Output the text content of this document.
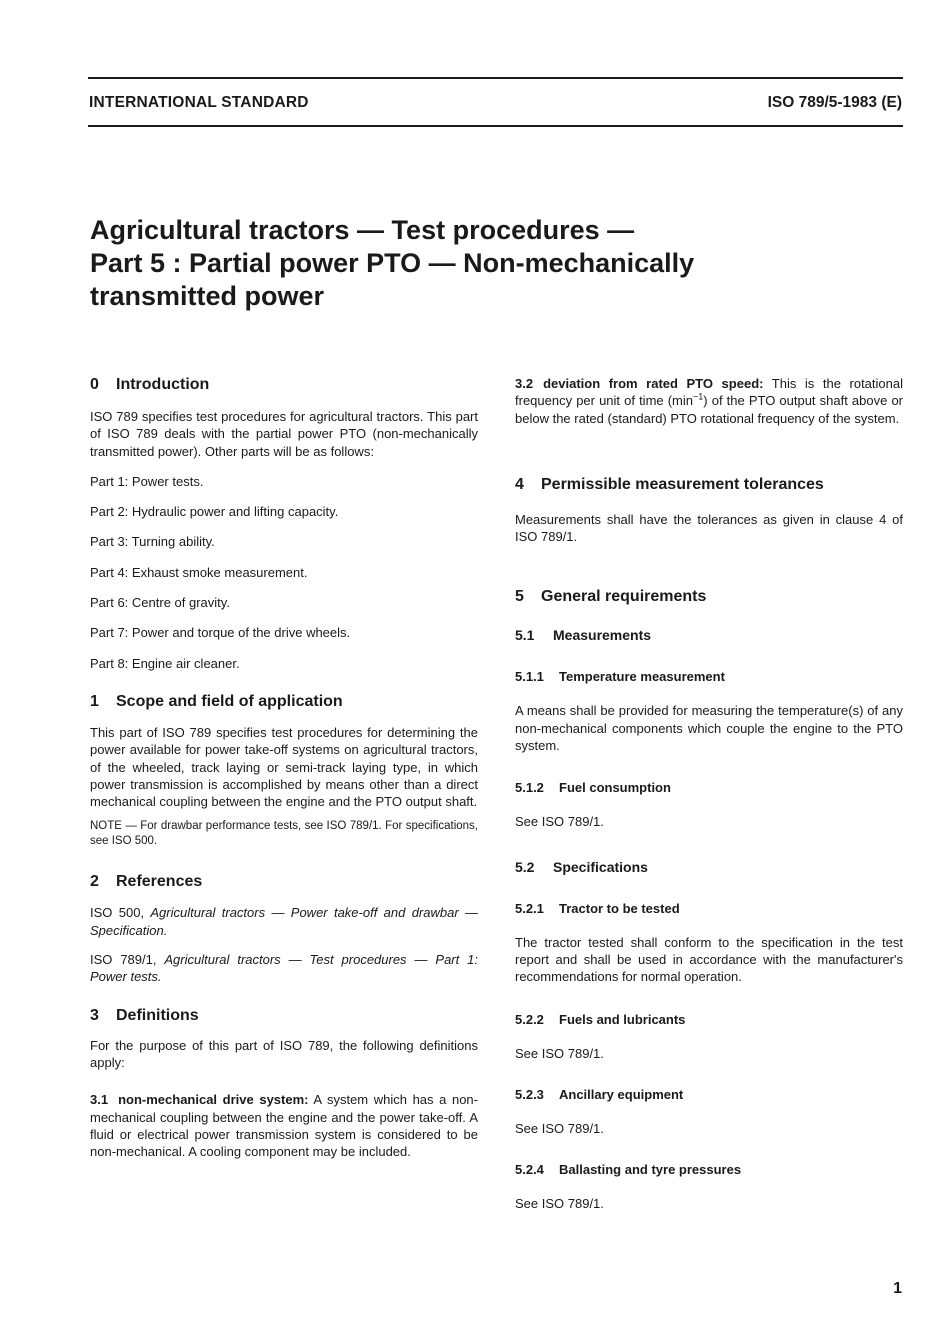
INTERNATIONAL STANDARD	ISO 789/5-1983 (E)
Agricultural tractors — Test procedures —
Part 5 : Partial power PTO — Non-mechanically
transmitted power
0 Introduction

ISO 789 specifies test procedures for agricultural tractors. This part of ISO 789 deals with the partial power PTO (non-mechanically transmitted power). Other parts will be as follows:

Part 1: Power tests.

Part 2: Hydraulic power and lifting capacity.

Part 3: Turning ability.

Part 4: Exhaust smoke measurement.

Part 6: Centre of gravity.

Part 7: Power and torque of the drive wheels.

Part 8: Engine air cleaner.

1 Scope and field of application

This part of ISO 789 specifies test procedures for determining the power available for power take-off systems on agricultural tractors, of the wheeled, track laying or semi-track laying type, in which power transmission is accomplished by means other than a direct mechanical coupling between the engine and the PTO output shaft.

NOTE — For drawbar performance tests, see ISO 789/1. For specifications, see ISO 500.

2 References

ISO 500, Agricultural tractors — Power take-off and drawbar — Specification.

ISO 789/1, Agricultural tractors — Test procedures — Part 1: Power tests.

3 Definitions

For the purpose of this part of ISO 789, the following definitions apply:

3.1 non-mechanical drive system: A system which has a non-mechanical coupling between the engine and the power take-off. A fluid or electrical power transmission system is considered to be non-mechanical. A cooling component may be included.

3.2 deviation from rated PTO speed: This is the rotational frequency per unit of time $(\min^{-1})$ of the PTO output shaft above or below the rated (standard) PTO rotational frequency of the system.

4 Permissible measurement tolerances

Measurements shall have the tolerances as given in clause 4 of ISO 789/1.

5 General requirements
5.1 Measurements
5.1.1 Temperature measurement

A means shall be provided for measuring the temperature(s) of any non-mechanical components which couple the engine to the PTO system.

5.1.2 Fuel consumption

See ISO 789/1.

5.2 Specifications
5.2.1 Tractor to be tested

The tractor tested shall conform to the specification in the test report and shall be used in accordance with the manufacturer's recommendations for normal operation.

5.2.2 Fuels and lubricants

See ISO 789/1.

5.2.3 Ancillary equipment

See ISO 789/1.

5.2.4 Ballasting and tyre pressures

See ISO 789/1.

1
